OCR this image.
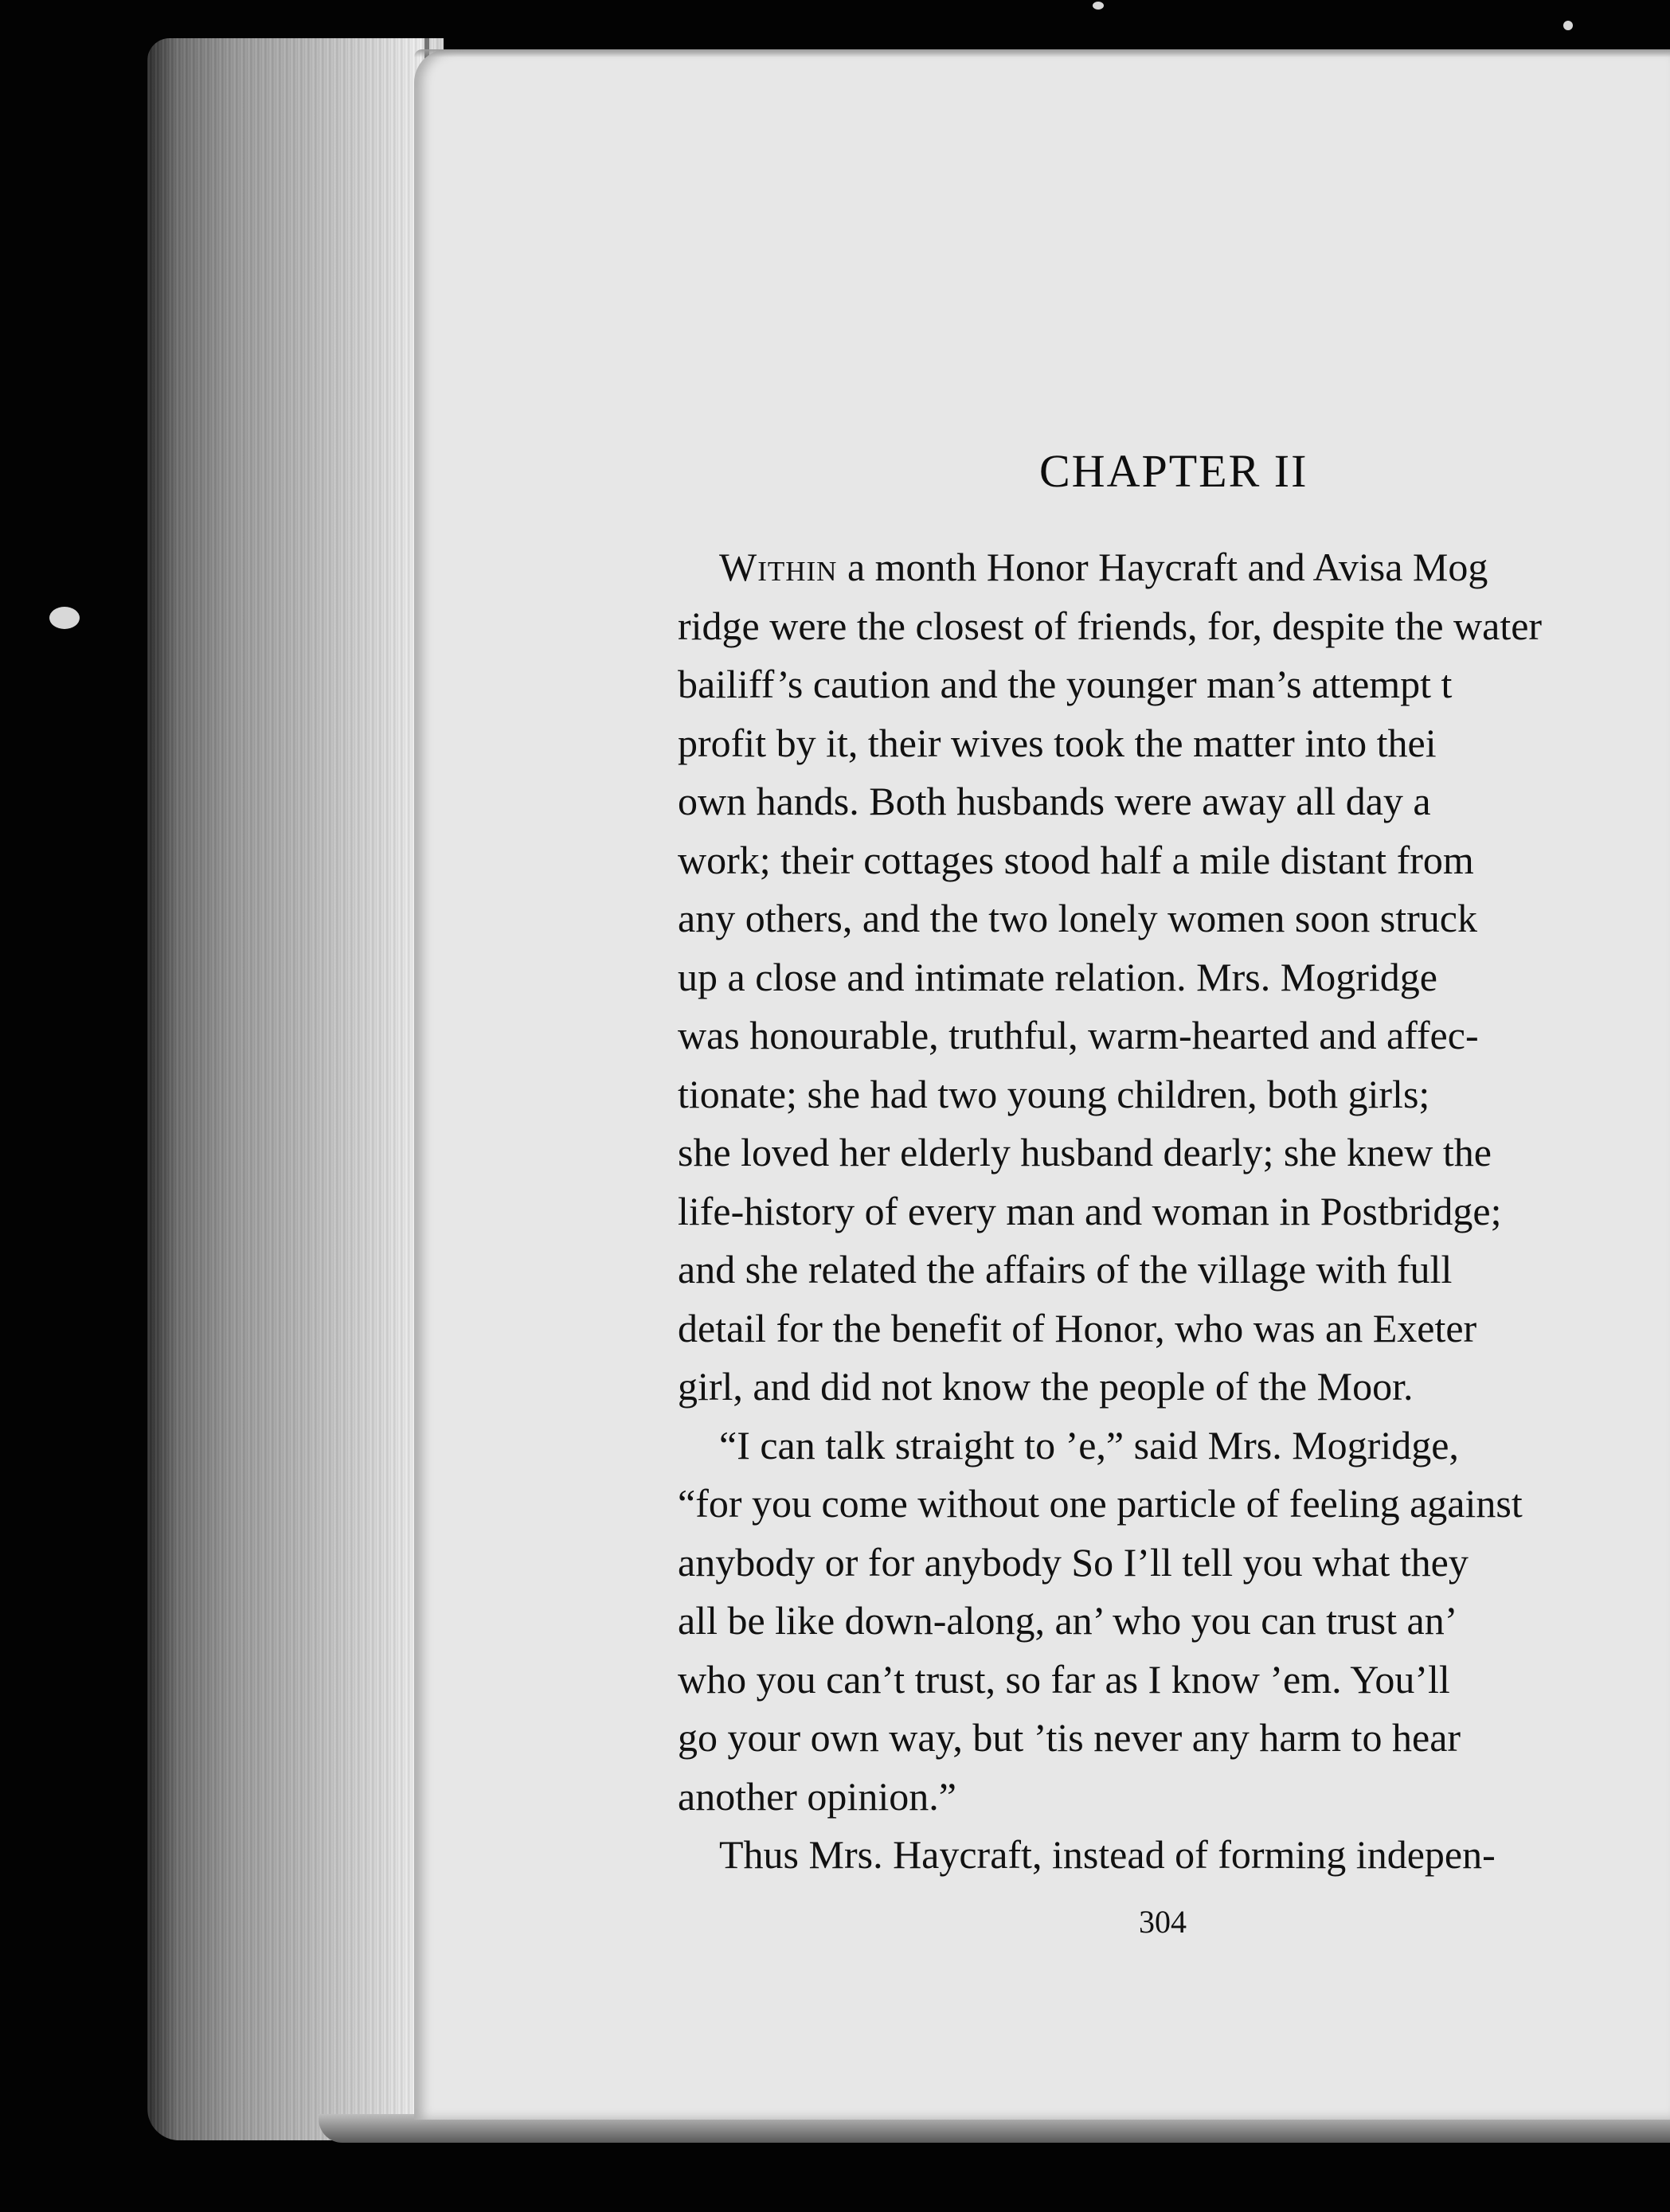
CHAPTER II
Within a month Honor Haycraft and Avisa Mog
ridge were the closest of friends, for, despite the water
bailiff’s caution and the younger man’s attempt t
profit by it, their wives took the matter into thei
own hands. Both husbands were away all day a
work; their cottages stood half a mile distant from
any others, and the two lonely women soon struck
up a close and intimate relation. Mrs. Mogridge
was honourable, truthful, warm-hearted and affec-
tionate; she had two young children, both girls;
she loved her elderly husband dearly; she knew the
life-history of every man and woman in Postbridge;
and she related the affairs of the village with full
detail for the benefit of Honor, who was an Exeter
girl, and did not know the people of the Moor.
“I can talk straight to ’e,” said Mrs. Mogridge,
“for you come without one particle of feeling against
anybody or for anybody So I’ll tell you what they
all be like down-along, an’ who you can trust an’
who you can’t trust, so far as I know ’em. You’ll
go your own way, but ’tis never any harm to hear
another opinion.”
Thus Mrs. Haycraft, instead of forming indepen-
304
